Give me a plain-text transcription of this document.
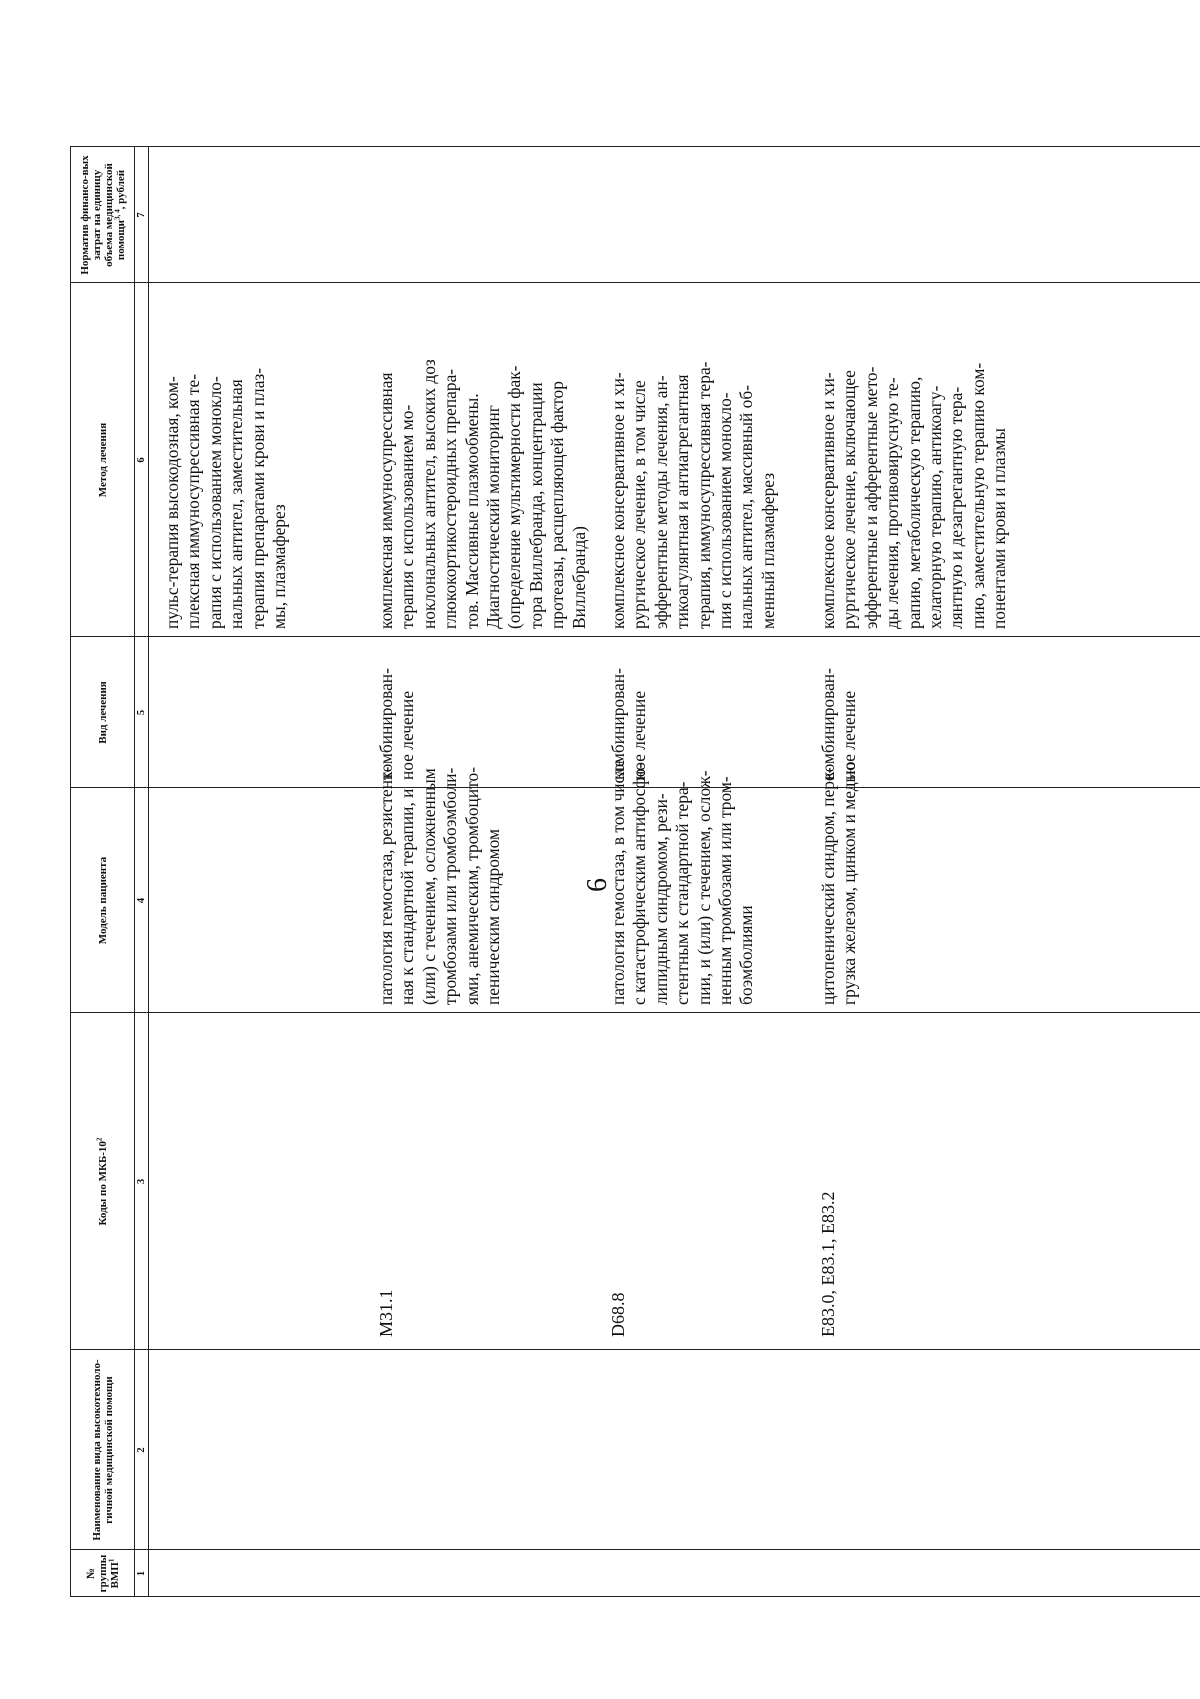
6
№ группы ВМП$^1$
Наименование вида высокотехноло-гичной медицинской помощи
Коды по МКБ-$10^2$
Модель пациента
Вид лечения
Метод лечения
Норматив финансо-вых затрат на единицу объема медицинской помощи$^{3, 4}$, рублей
1
2
3
4
5
6
7
пульс-терапия высокодозная, ком- плексная иммуносупрессивная те- рапия с использованием моноклo- нальных антител, заместительная терапия препаратами крови и плаз- мы, плазмаферез
M31.1
патология гемостаза, резистент- ная к стандартной терапии, и (или) с течением, осложненным тромбозами или тромбоэмболи- ями, анемическим, тромбоцито- пеническим синдромом
комбинирован- ное лечение
комплексная иммуносупрессивная терапия с использованием мо- ноклональных антител, высоких доз глюкокортикостероидных препара- тов. Массивные плазмообмены. Диагностический мониторинг (определение мультимерности фак- тора Виллебранда, концентрации протеазы, расщепляющей фактор Виллебранда)
D68.8
патология гемостаза, в том числе с катастрофическим антифосфо- липидным синдромом, рези- стентным к стандартной тера- пии, и (или) с течением, ослож- ненным тромбозами или тром- боэмболиями
комбинирован- ное лечение
комплексное консервативное и хи- рургическое лечение, в том числе эфферентные методы лечения, ан- тикоагулянтная и антиагрегантная терапия, иммуносупрессивная тера- пия с использованием моноклo- нальных антител, массивный об- менный плазмаферез
E83.0, E83.1, E83.2
цитопенический синдром, пере- грузка железом, цинком и медью
комбинирован- ное лечение
комплексное консервативное и хи- рургическое лечение, включающее эфферентные и афферентные мето- ды лечения, противовирусную те- рапию, метаболическую терапию, хелаторную терапию, антикоагу- лянтную и дезагрегантную тера- пию, заместительную терапию ком- понентами крови и плазмы
